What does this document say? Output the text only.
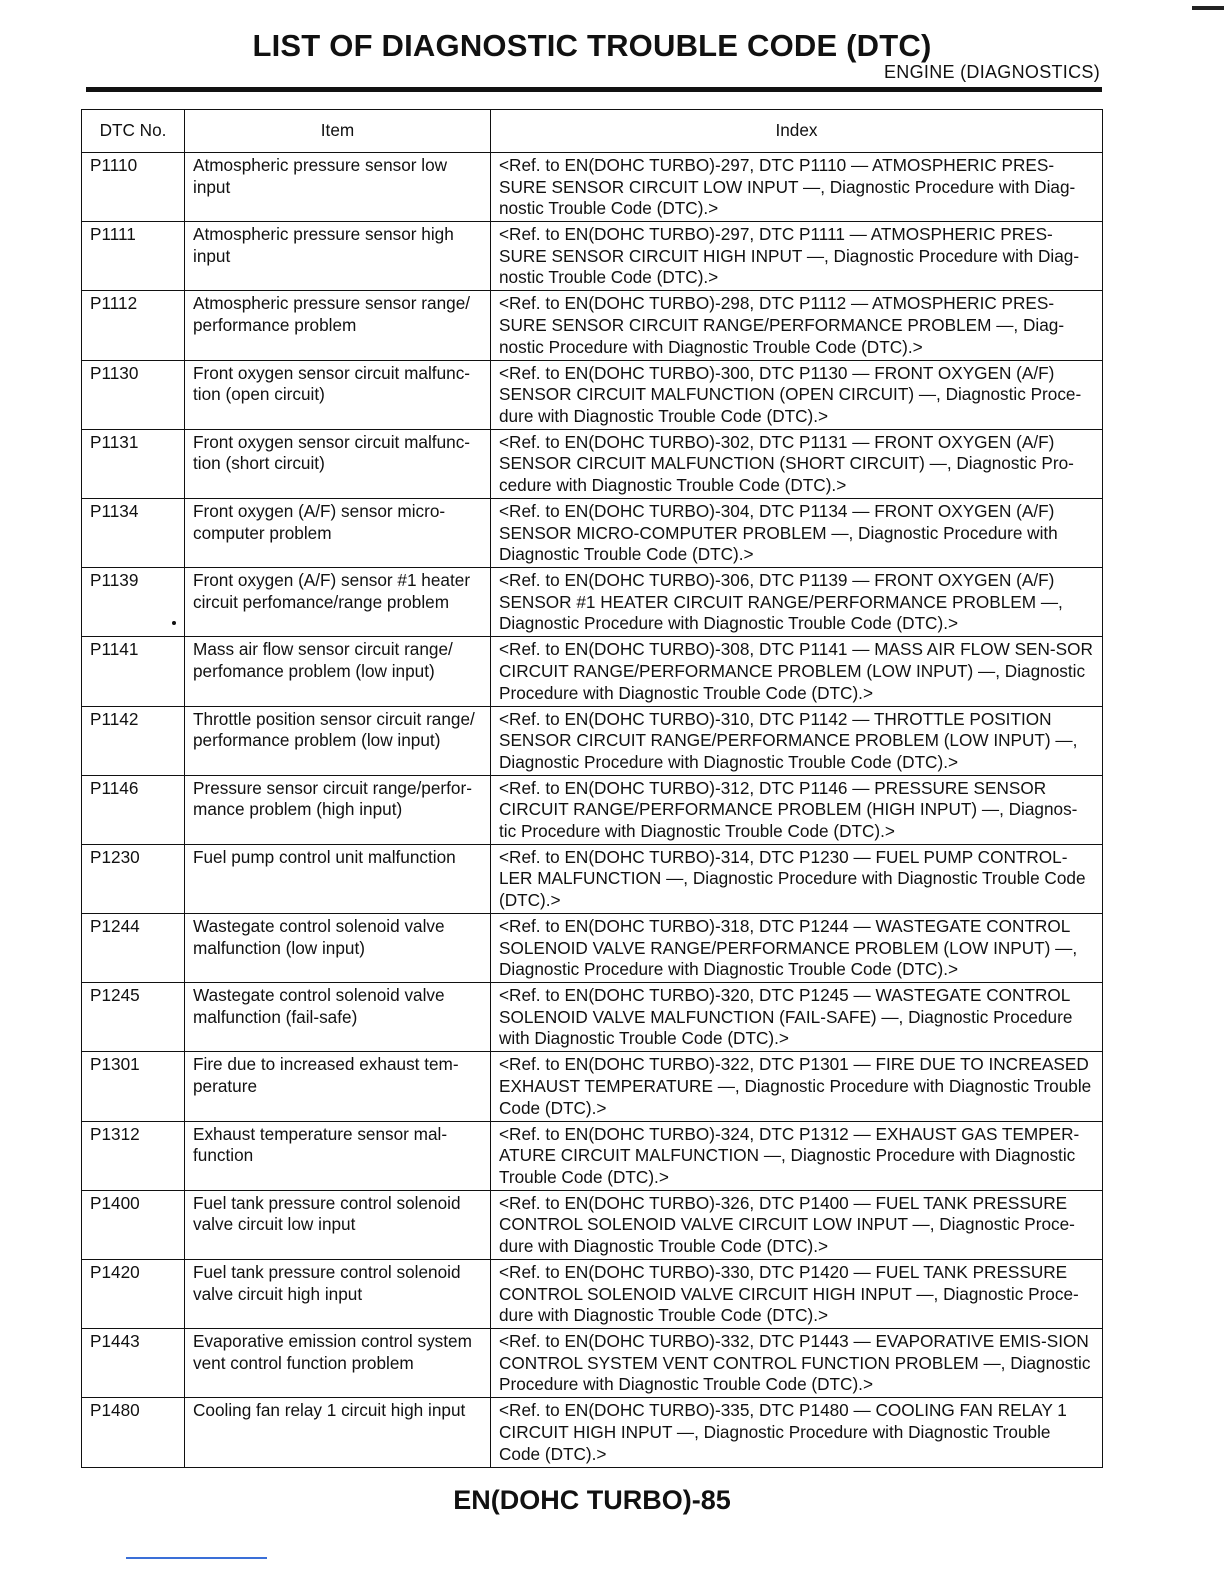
LIST OF DIAGNOSTIC TROUBLE CODE (DTC)
ENGINE (DIAGNOSTICS)
DTC No.	Item	Index
P1110	Atmospheric pressure sensor low input	<Ref. to EN(DOHC TURBO)-297, DTC P1110 — ATMOSPHERIC PRES-SURE SENSOR CIRCUIT LOW INPUT —, Diagnostic Procedure with Diag-nostic Trouble Code (DTC).>
P1111	Atmospheric pressure sensor high input	<Ref. to EN(DOHC TURBO)-297, DTC P1111 — ATMOSPHERIC PRES-SURE SENSOR CIRCUIT HIGH INPUT —, Diagnostic Procedure with Diag-nostic Trouble Code (DTC).>
P1112	Atmospheric pressure sensor range/ performance problem	<Ref. to EN(DOHC TURBO)-298, DTC P1112 — ATMOSPHERIC PRES-SURE SENSOR CIRCUIT RANGE/PERFORMANCE PROBLEM —, Diag-nostic Procedure with Diagnostic Trouble Code (DTC).>
P1130	Front oxygen sensor circuit malfunc-tion (open circuit)	<Ref. to EN(DOHC TURBO)-300, DTC P1130 — FRONT OXYGEN (A/F) SENSOR CIRCUIT MALFUNCTION (OPEN CIRCUIT) —, Diagnostic Proce-dure with Diagnostic Trouble Code (DTC).>
P1131	Front oxygen sensor circuit malfunc-tion (short circuit)	<Ref. to EN(DOHC TURBO)-302, DTC P1131 — FRONT OXYGEN (A/F) SENSOR CIRCUIT MALFUNCTION (SHORT CIRCUIT) —, Diagnostic Pro-cedure with Diagnostic Trouble Code (DTC).>
P1134	Front oxygen (A/F) sensor micro-computer problem	<Ref. to EN(DOHC TURBO)-304, DTC P1134 — FRONT OXYGEN (A/F) SENSOR MICRO-COMPUTER PROBLEM —, Diagnostic Procedure with Diagnostic Trouble Code (DTC).>
P1139	Front oxygen (A/F) sensor #1 heater circuit perfomance/range problem	<Ref. to EN(DOHC TURBO)-306, DTC P1139 — FRONT OXYGEN (A/F) SENSOR #1 HEATER CIRCUIT RANGE/PERFORMANCE PROBLEM —, Diagnostic Procedure with Diagnostic Trouble Code (DTC).>
P1141	Mass air flow sensor circuit range/ perfomance problem (low input)	<Ref. to EN(DOHC TURBO)-308, DTC P1141 — MASS AIR FLOW SEN-SOR CIRCUIT RANGE/PERFORMANCE PROBLEM (LOW INPUT) —, Diagnostic Procedure with Diagnostic Trouble Code (DTC).>
P1142	Throttle position sensor circuit range/ performance problem (low input)	<Ref. to EN(DOHC TURBO)-310, DTC P1142 — THROTTLE POSITION SENSOR CIRCUIT RANGE/PERFORMANCE PROBLEM (LOW INPUT) —, Diagnostic Procedure with Diagnostic Trouble Code (DTC).>
P1146	Pressure sensor circuit range/perfor-mance problem (high input)	<Ref. to EN(DOHC TURBO)-312, DTC P1146 — PRESSURE SENSOR CIRCUIT RANGE/PERFORMANCE PROBLEM (HIGH INPUT) —, Diagnos-tic Procedure with Diagnostic Trouble Code (DTC).>
P1230	Fuel pump control unit malfunction	<Ref. to EN(DOHC TURBO)-314, DTC P1230 — FUEL PUMP CONTROL-LER MALFUNCTION —, Diagnostic Procedure with Diagnostic Trouble Code (DTC).>
P1244	Wastegate control solenoid valve malfunction (low input)	<Ref. to EN(DOHC TURBO)-318, DTC P1244 — WASTEGATE CONTROL SOLENOID VALVE RANGE/PERFORMANCE PROBLEM (LOW INPUT) —, Diagnostic Procedure with Diagnostic Trouble Code (DTC).>
P1245	Wastegate control solenoid valve malfunction (fail-safe)	<Ref. to EN(DOHC TURBO)-320, DTC P1245 — WASTEGATE CONTROL SOLENOID VALVE MALFUNCTION (FAIL-SAFE) —, Diagnostic Procedure with Diagnostic Trouble Code (DTC).>
P1301	Fire due to increased exhaust tem-perature	<Ref. to EN(DOHC TURBO)-322, DTC P1301 — FIRE DUE TO INCREASED EXHAUST TEMPERATURE —, Diagnostic Procedure with Diagnostic Trouble Code (DTC).>
P1312	Exhaust temperature sensor mal-function	<Ref. to EN(DOHC TURBO)-324, DTC P1312 — EXHAUST GAS TEMPER-ATURE CIRCUIT MALFUNCTION —, Diagnostic Procedure with Diagnostic Trouble Code (DTC).>
P1400	Fuel tank pressure control solenoid valve circuit low input	<Ref. to EN(DOHC TURBO)-326, DTC P1400 — FUEL TANK PRESSURE CONTROL SOLENOID VALVE CIRCUIT LOW INPUT —, Diagnostic Proce-dure with Diagnostic Trouble Code (DTC).>
P1420	Fuel tank pressure control solenoid valve circuit high input	<Ref. to EN(DOHC TURBO)-330, DTC P1420 — FUEL TANK PRESSURE CONTROL SOLENOID VALVE CIRCUIT HIGH INPUT —, Diagnostic Proce-dure with Diagnostic Trouble Code (DTC).>
P1443	Evaporative emission control system vent control function problem	<Ref. to EN(DOHC TURBO)-332, DTC P1443 — EVAPORATIVE EMIS-SION CONTROL SYSTEM VENT CONTROL FUNCTION PROBLEM —, Diagnostic Procedure with Diagnostic Trouble Code (DTC).>
P1480	Cooling fan relay 1 circuit high input	<Ref. to EN(DOHC TURBO)-335, DTC P1480 — COOLING FAN RELAY 1 CIRCUIT HIGH INPUT —, Diagnostic Procedure with Diagnostic Trouble Code (DTC).>
EN(DOHC TURBO)-85
